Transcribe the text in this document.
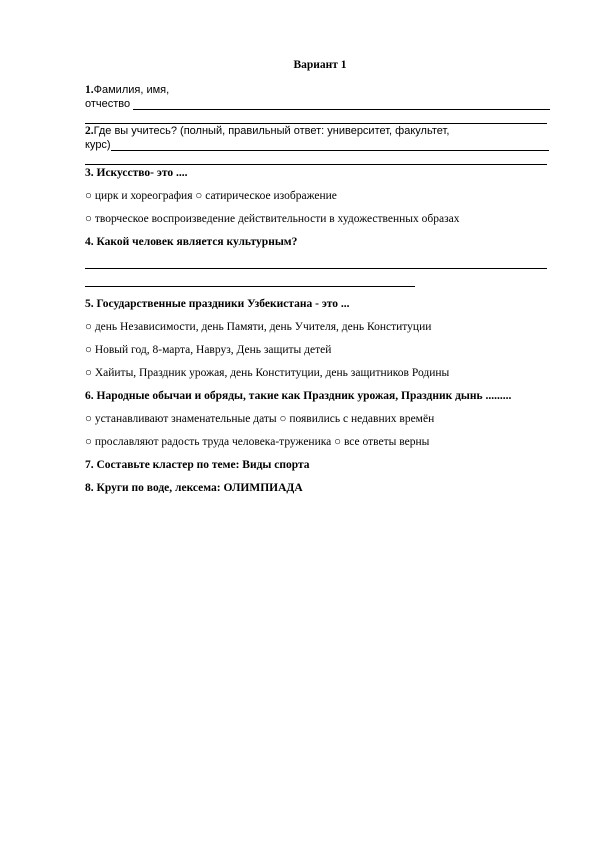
Вариант 1
1.Фамилия, имя,
отчество
2.Где вы учитесь? (полный, правильный ответ: университет, факультет,
курс)
3. Искусство- это ....
○ цирк и хореография ○ сатирическое изображение
○ творческое воспроизведение действительности в художественных образах
4. Какой человек является культурным?
5. Государственные праздники Узбекистана - это ...
○ день Независимости, день Памяти, день Учителя, день Конституции
○ Новый год, 8-марта, Навруз, День защиты детей
○ Хайиты, Праздник урожая, день Конституции, день защитников Родины
6. Народные обычаи и обряды, такие как Праздник урожая, Праздник дынь .........
○ устанавливают знаменательные даты ○ появились с недавних времён
○ прославляют радость труда человека-труженика ○ все ответы верны
7. Составьте кластер по теме: Виды спорта
8. Круги по воде, лексема: ОЛИМПИАДА
